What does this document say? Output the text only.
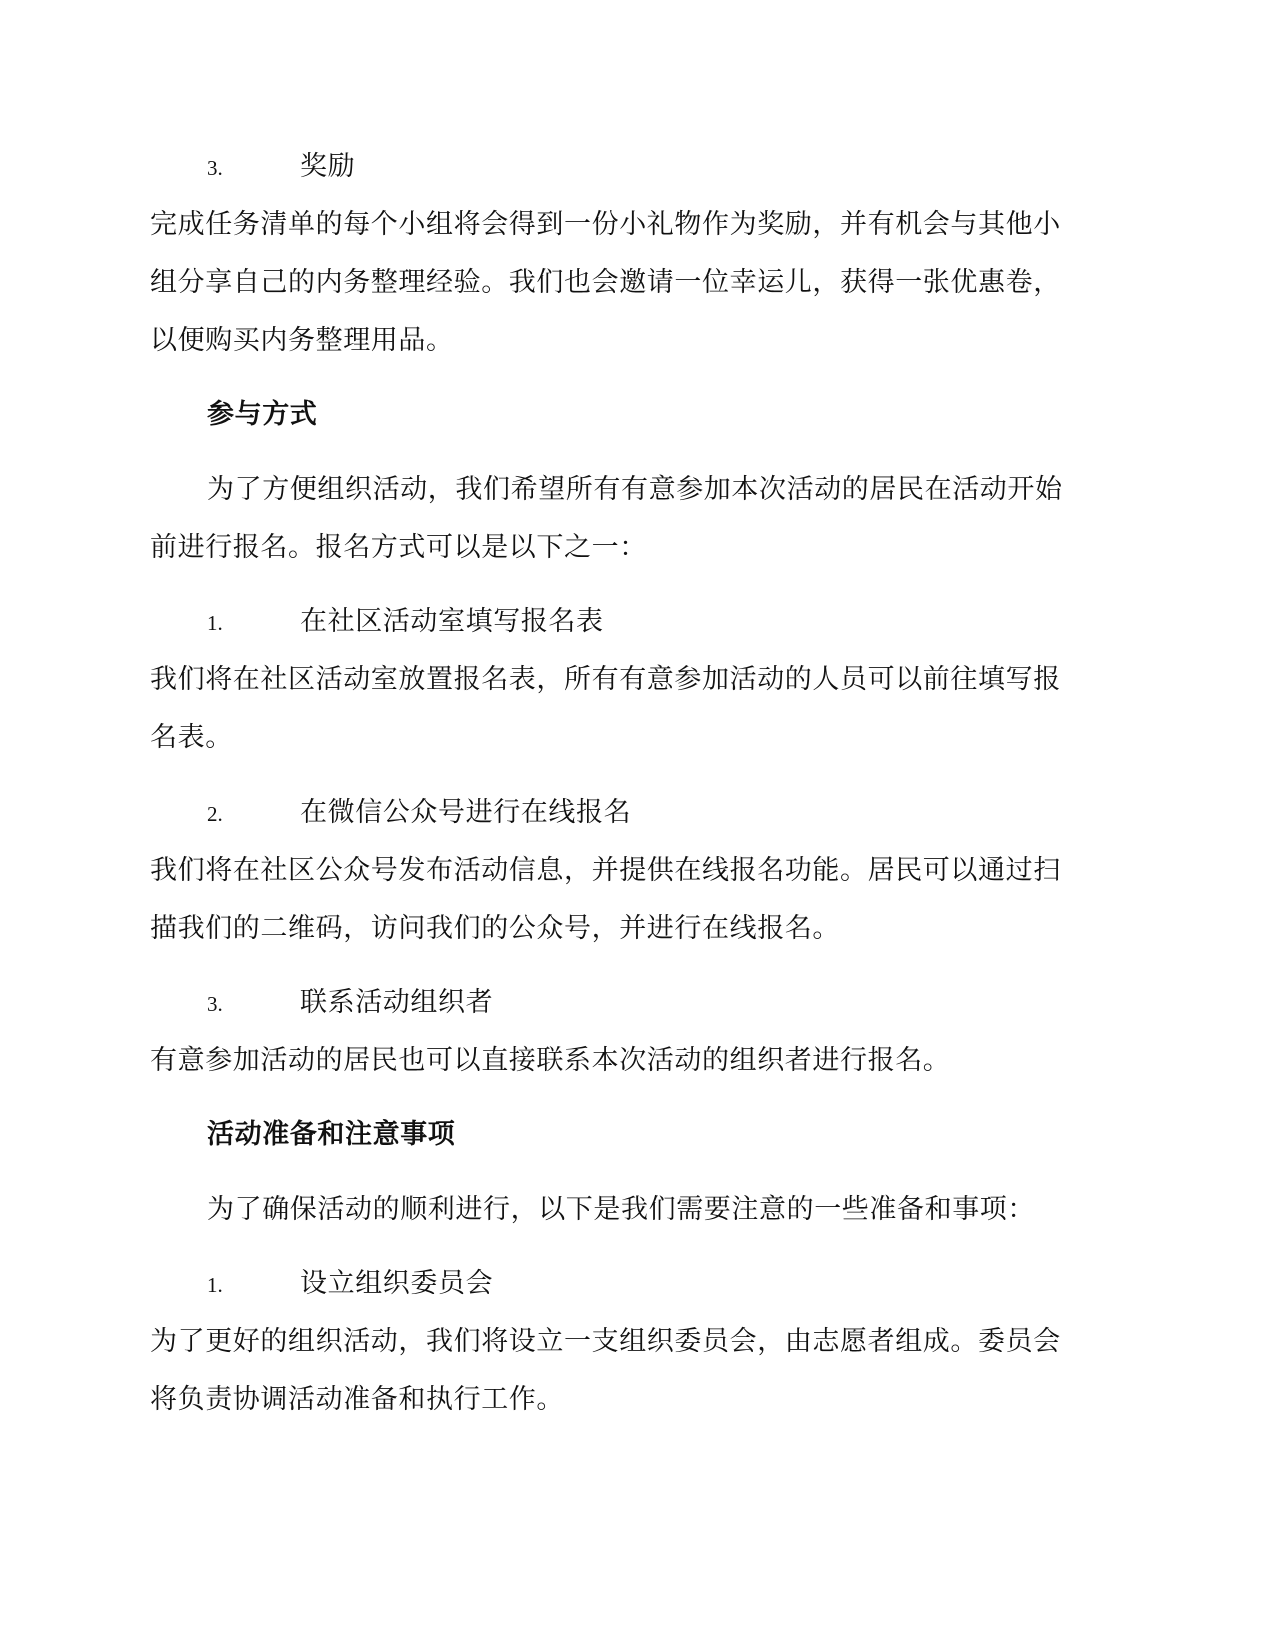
3.	奖励
完成任务清单的每个小组将会得到一份小礼物作为奖励，并有机会与其他小
组分享自己的内务整理经验。我们也会邀请一位幸运儿，获得一张优惠卷，
以便购买内务整理用品。
参与方式
为了方便组织活动，我们希望所有有意参加本次活动的居民在活动开始
前进行报名。报名方式可以是以下之一：
1.	在社区活动室填写报名表
我们将在社区活动室放置报名表，所有有意参加活动的人员可以前往填写报
名表。
2.	在微信公众号进行在线报名
我们将在社区公众号发布活动信息，并提供在线报名功能。居民可以通过扫
描我们的二维码，访问我们的公众号，并进行在线报名。
3.	联系活动组织者
有意参加活动的居民也可以直接联系本次活动的组织者进行报名。
活动准备和注意事项
为了确保活动的顺利进行，以下是我们需要注意的一些准备和事项：
1.	设立组织委员会
为了更好的组织活动，我们将设立一支组织委员会，由志愿者组成。委员会
将负责协调活动准备和执行工作。
